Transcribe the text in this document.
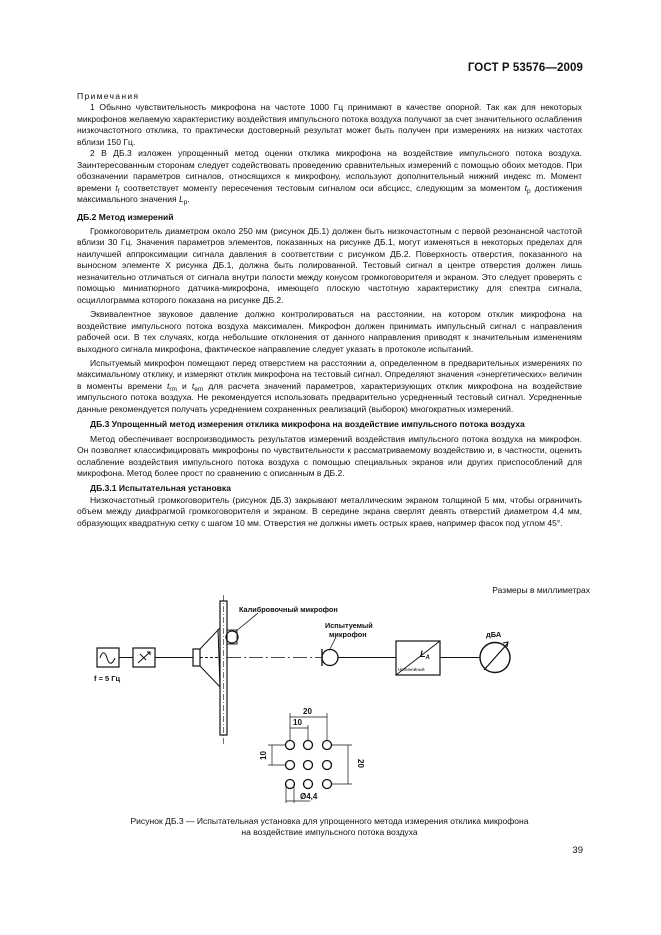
ГОСТ Р 53576—2009

Примечания

1 Обычно чувствительность микрофона на частоте 1000 Гц принимают в качестве опорной. Так как для некоторых микрофонов желаемую характеристику воздействия импульсного потока воздуха получают за счет значительного ослабления низкочастотного отклика, то практически достоверный результат может быть получен при измерениях на низких частотах вблизи 150 Гц.

2 В ДБ.3 изложен упрощенный метод оценки отклика микрофона на воздействие импульсного потока воздуха. Заинтересованным сторонам следует содействовать проведению сравнительных измерений с помощью обоих методов. При обозначении параметров сигналов, относящихся к микрофону, используют дополнительный нижний индекс m. Момент времени $t_f$ соответствует моменту пересечения тестовым сигналом оси абсцисс, следующим за моментом $t_p$ достижения максимального значения $L_p$.

ДБ.2 Метод измерений

Громкоговоритель диаметром около 250 мм (рисунок ДБ.1) должен быть низкочастотным с первой резонансной частотой вблизи 30 Гц. Значения параметров элементов, показанных на рисунке ДБ.1, могут изменяться в некоторых пределах для наилучшей аппроксимации сигнала давления в соответствии с рисунком ДБ.2. Поверхность отверстия, показанного на выносном элементе X рисунка ДБ.1, должна быть полированной. Тестовый сигнал в центре отверстия должен лишь незначительно отличаться от сигнала внутри полости между конусом громкоговорителя и экраном. Это следует проверять с помощью миниатюрного датчика-микрофона, имеющего плоскую частотную характеристику для спектра сигнала, осциллограмма которого показана на рисунке ДБ.2.

Эквивалентное звуковое давление должно контролироваться на расстоянии, на котором отклик микрофона на воздействие импульсного потока воздуха максимален. Микрофон должен принимать импульсный сигнал с направления рабочей оси. В тех случаях, когда небольшие отклонения от данного направления приводят к значительным изменениям выходного сигнала микрофона, фактическое направление следует указать в протоколе испытаний.

Испытуемый микрофон помещают перед отверстием на расстоянии a, определенном в предварительных измерениях по максимальному отклику, и измеряют отклик микрофона на тестовый сигнал. Определяют значения «энергетических» величин в моменты времени $t_{rm}$ и $t_{em}$ для расчета значений параметров, характеризующих отклик микрофона на воздействие импульсного потока воздуха. Не рекомендуется использовать предварительно усредненный тестовый сигнал. Усредненные данные рекомендуется получать усреднением сохраненных реализаций (выборок) многократных измерений.

ДБ.3 Упрощенный метод измерения отклика микрофона на воздействие импульсного потока воздуха

Метод обеспечивает воспроизводимость результатов измерений воздействия импульсного потока воздуха на микрофон. Он позволяет классифицировать микрофоны по чувствительности к рассматриваемому воздействию и, в частности, оценить ослабление воздействия импульсного потока воздуха с помощью специальных экранов или других приспособлений для микрофона. Метод более прост по сравнению с описанным в ДБ.2.

ДБ.3.1 Испытательная установка

Низкочастотный громкоговоритель (рисунок ДБ.3) закрывают металлическим экраном толщиной 5 мм, чтобы ограничить объем между диафрагмой громкоговорителя и экраном. В середине экрана сверлят девять отверстий диаметром 4,4 мм, образующих квадратную сетку с шагом 10 мм. Отверстия не должны иметь острых краев, например фасок под углом 45°.

Размеры в миллиметрах
Калибровочный микрофон
Испытуемый
микрофон
f = 5 Гц
Нелинейный
$L_A$
дБА
20
10
10
20
Ø4,4
Рисунок ДБ.3 — Испытательная установка для упрощенного метода измерения отклика микрофона
на воздействие импульсного потока воздуха
39
